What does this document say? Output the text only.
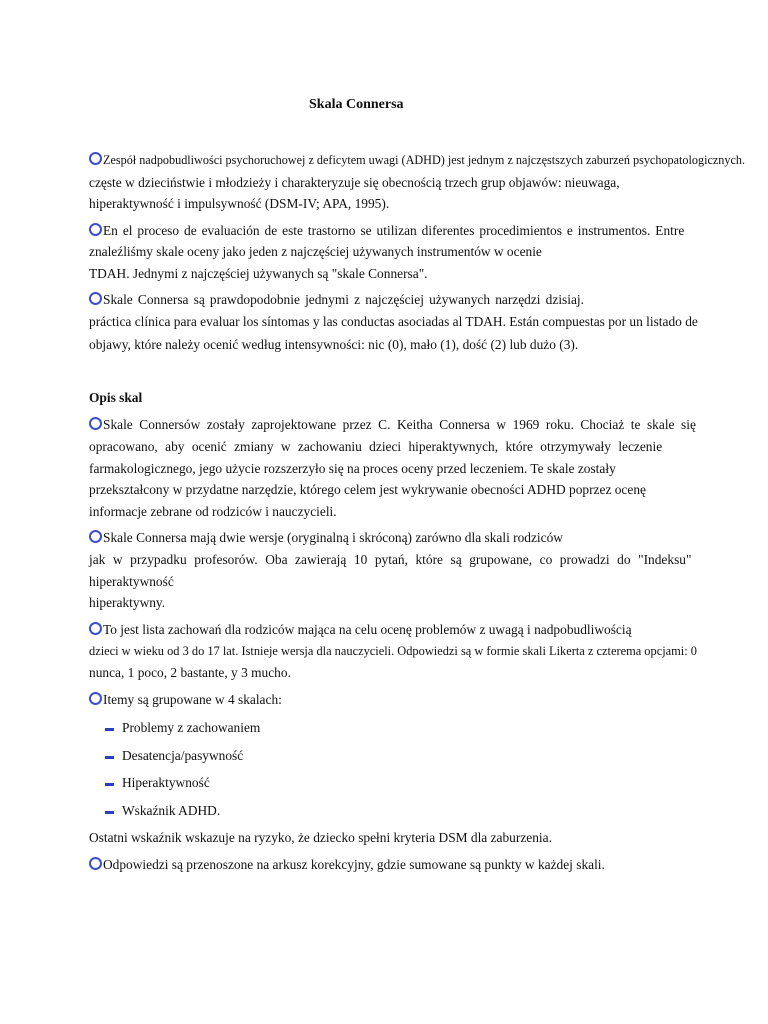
Skala Connersa
Zespół nadpobudliwości psychoruchowej z deficytem uwagi (ADHD) jest jednym z najczęstszych zaburzeń psychopatologicznych.
częste w dzieciństwie i młodzieży i charakteryzuje się obecnością trzech grup objawów: nieuwaga,
hiperaktywność i impulsywność (DSM-IV; APA, 1995).
En el proceso de evaluación de este trastorno se utilizan diferentes procedimientos e instrumentos. Entre
znaleźliśmy skale oceny jako jeden z najczęściej używanych instrumentów w ocenie
TDAH. Jednymi z najczęściej używanych są "skale Connersa".
Skale Connersa są prawdopodobnie jednymi z najczęściej używanych narzędzi dzisiaj.
práctica clínica para evaluar los síntomas y las conductas asociadas al TDAH. Están compuestas por un listado de
objawy, które należy ocenić według intensywności: nic (0), mało (1), dość (2) lub dużo (3).
Opis skal
Skale Connersów zostały zaprojektowane przez C. Keitha Connersa w 1969 roku. Chociaż te skale się
opracowano, aby ocenić zmiany w zachowaniu dzieci hiperaktywnych, które otrzymywały leczenie
farmakologicznego, jego użycie rozszerzyło się na proces oceny przed leczeniem. Te skale zostały
przekształcony w przydatne narzędzie, którego celem jest wykrywanie obecności ADHD poprzez ocenę
informacje zebrane od rodziców i nauczycieli.
Skale Connersa mają dwie wersje (oryginalną i skróconą) zarówno dla skali rodziców
jak w przypadku profesorów. Oba zawierają 10 pytań, które są grupowane, co prowadzi do "Indeksu"
hiperaktywność
hiperaktywny.
To jest lista zachowań dla rodziców mająca na celu ocenę problemów z uwagą i nadpobudliwością
dzieci w wieku od 3 do 17 lat. Istnieje wersja dla nauczycieli. Odpowiedzi są w formie skali Likerta z czterema opcjami: 0
nunca, 1 poco, 2 bastante, y 3 mucho.
Itemy są grupowane w 4 skalach:
Problemy z zachowaniem
Desatencja/pasywność
Hiperaktywność
Wskaźnik ADHD.
Ostatni wskaźnik wskazuje na ryzyko, że dziecko spełni kryteria DSM dla zaburzenia.
Odpowiedzi są przenoszone na arkusz korekcyjny, gdzie sumowane są punkty w każdej skali.
